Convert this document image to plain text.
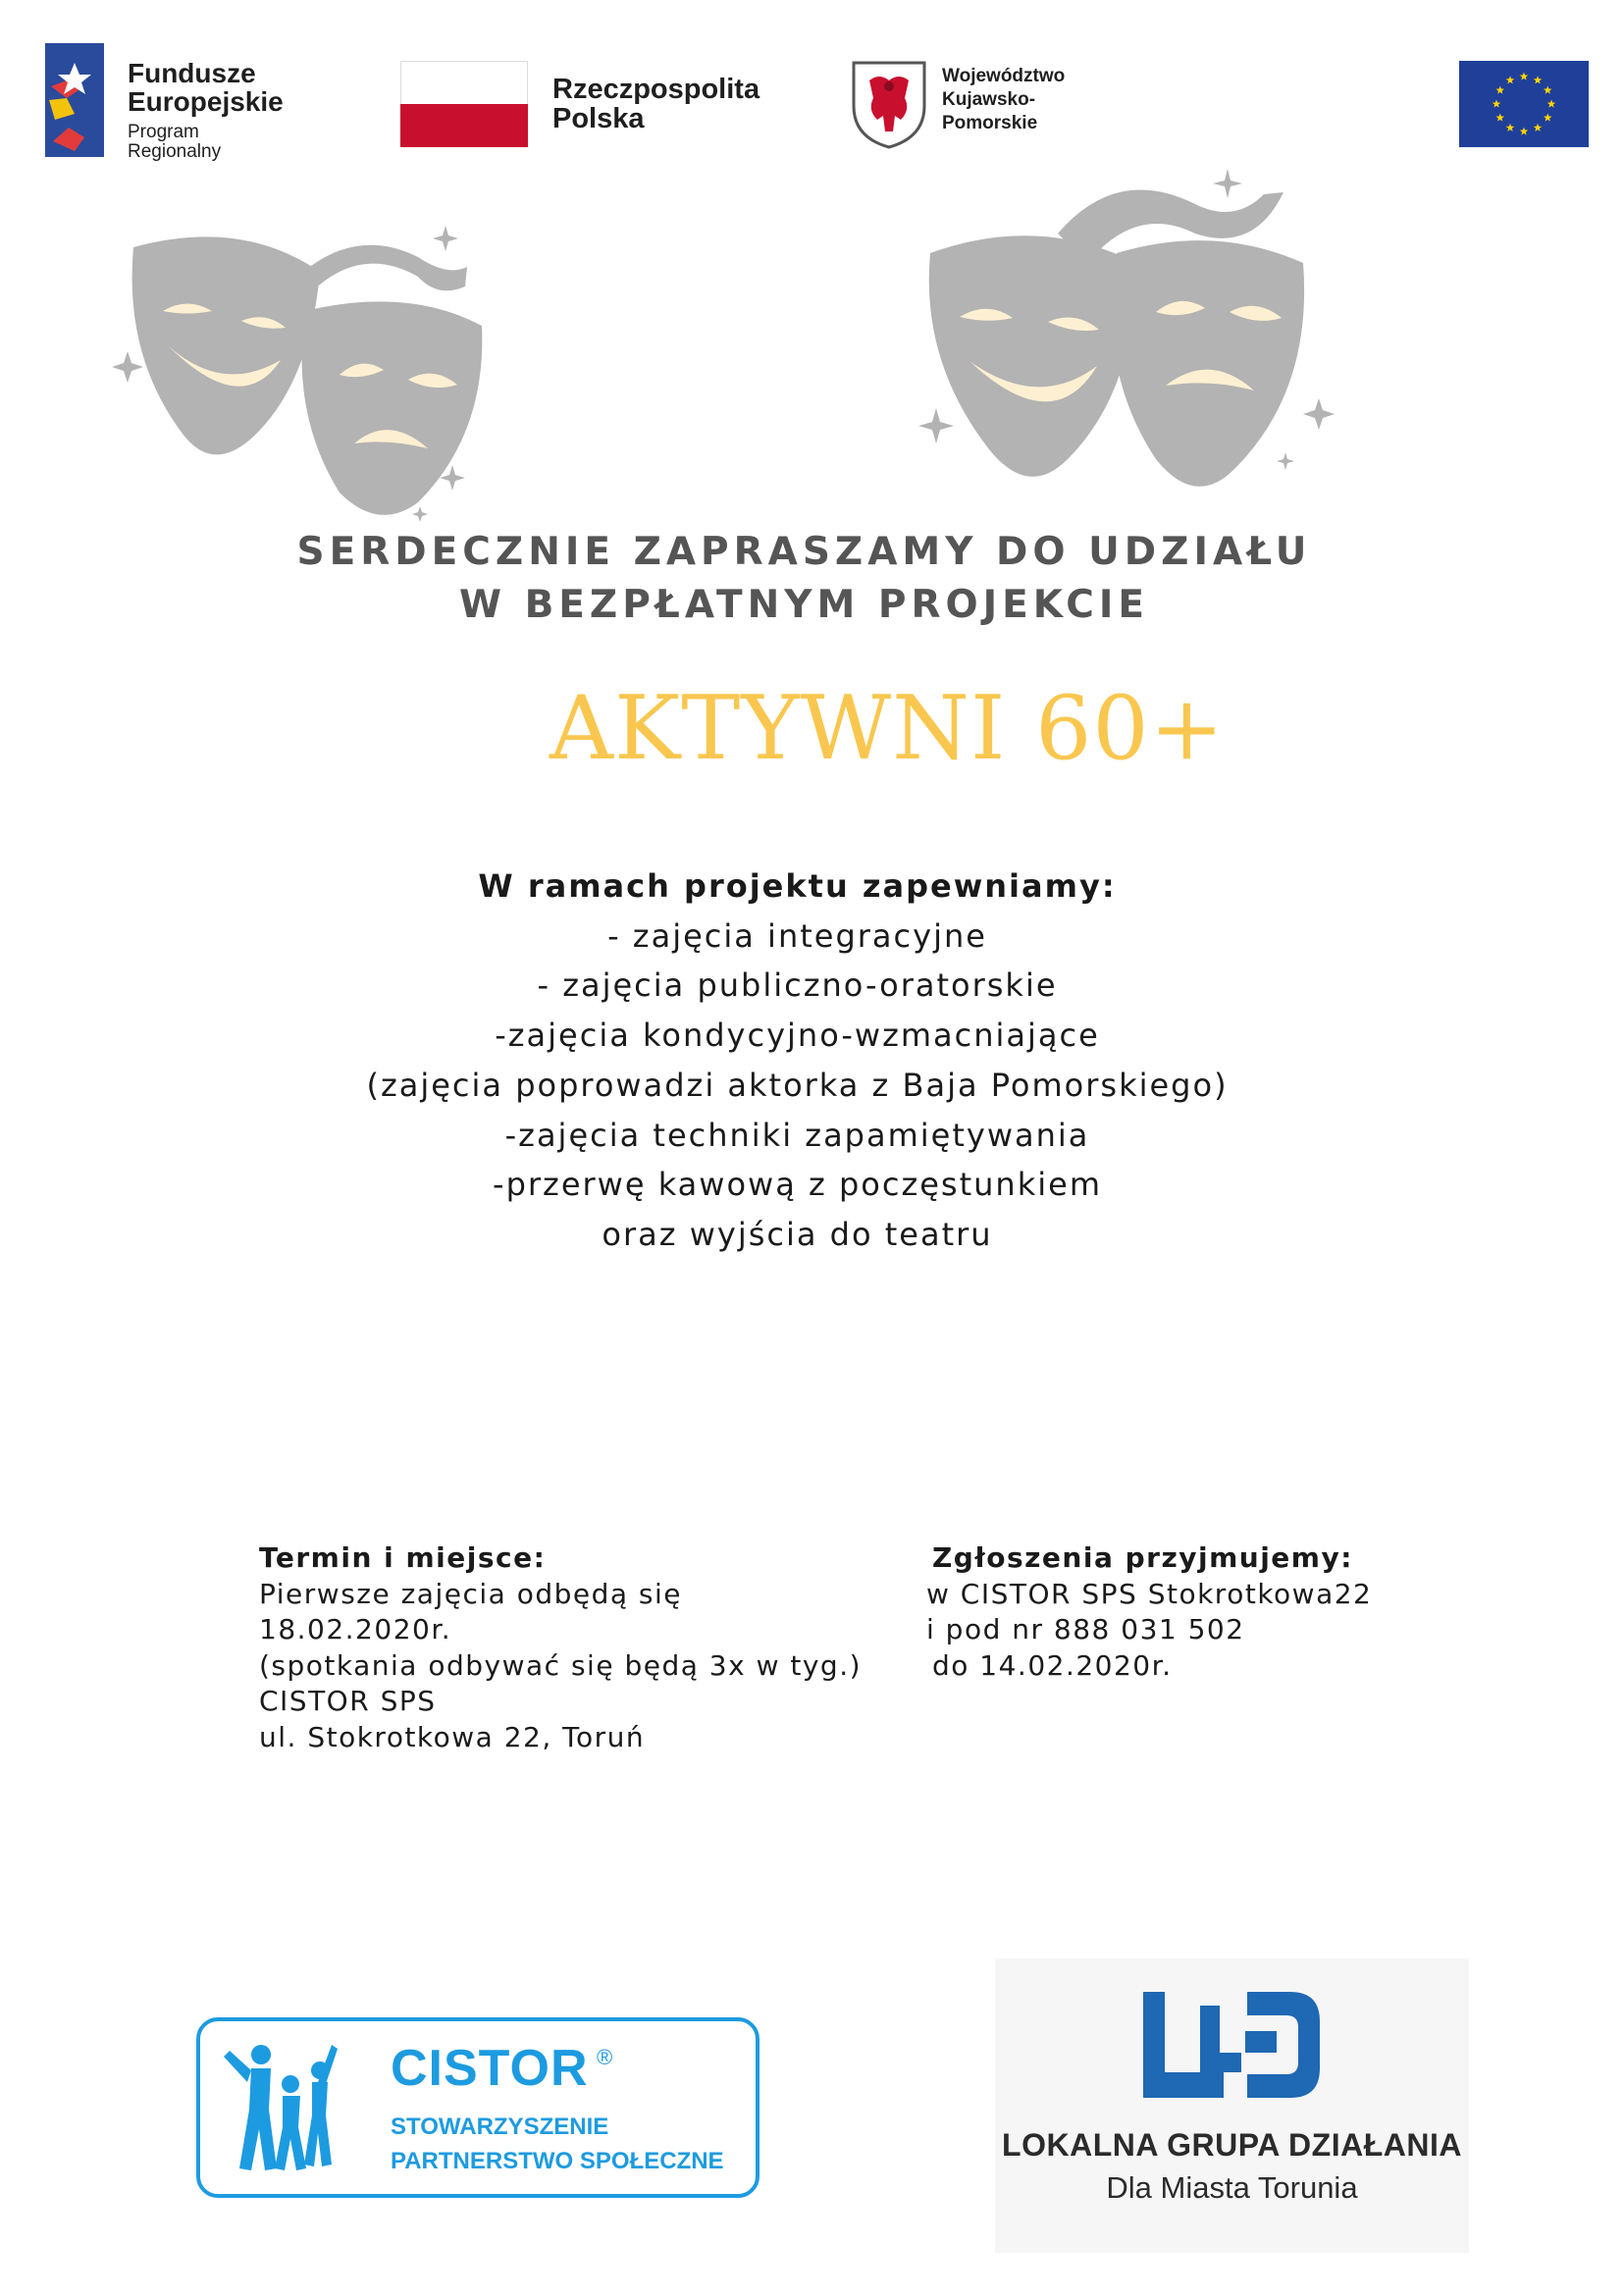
Fundusze
Europejskie
Program Regionalny
Rzeczpospolita
Polska
Województwo
Kujawsko-Pomorskie
SERDECZNIE ZAPRASZAMY DO UDZIAŁU
W BEZPŁATNYM PROJEKCIE
AKTYWNI 60+
W ramach projektu zapewniamy:
- zajęcia integracyjne
- zajęcia publiczno-oratorskie
-zajęcia kondycyjno-wzmacniające
(zajęcia poprowadzi aktorka z Baja Pomorskiego)
-zajęcia techniki zapamiętywania
-przerwę kawową z poczęstunkiem
oraz wyjścia do teatru
Termin i miejsce:
Pierwsze zajęcia odbędą się
18.02.2020r.
(spotkania odbywać się będą 3x w tyg.)
CISTOR SPS
ul. Stokrotkowa 22, Toruń
Zgłoszenia przyjmujemy:
w CISTOR SPS Stokrotkowa22
i pod nr 888 031 502
do 14.02.2020r.
CISTOR ®
STOWARZYSZENIE
PARTNERSTWO SPOŁECZNE	LOKALNA GRUPA DZIAŁANIA
Dla Miasta Torunia
